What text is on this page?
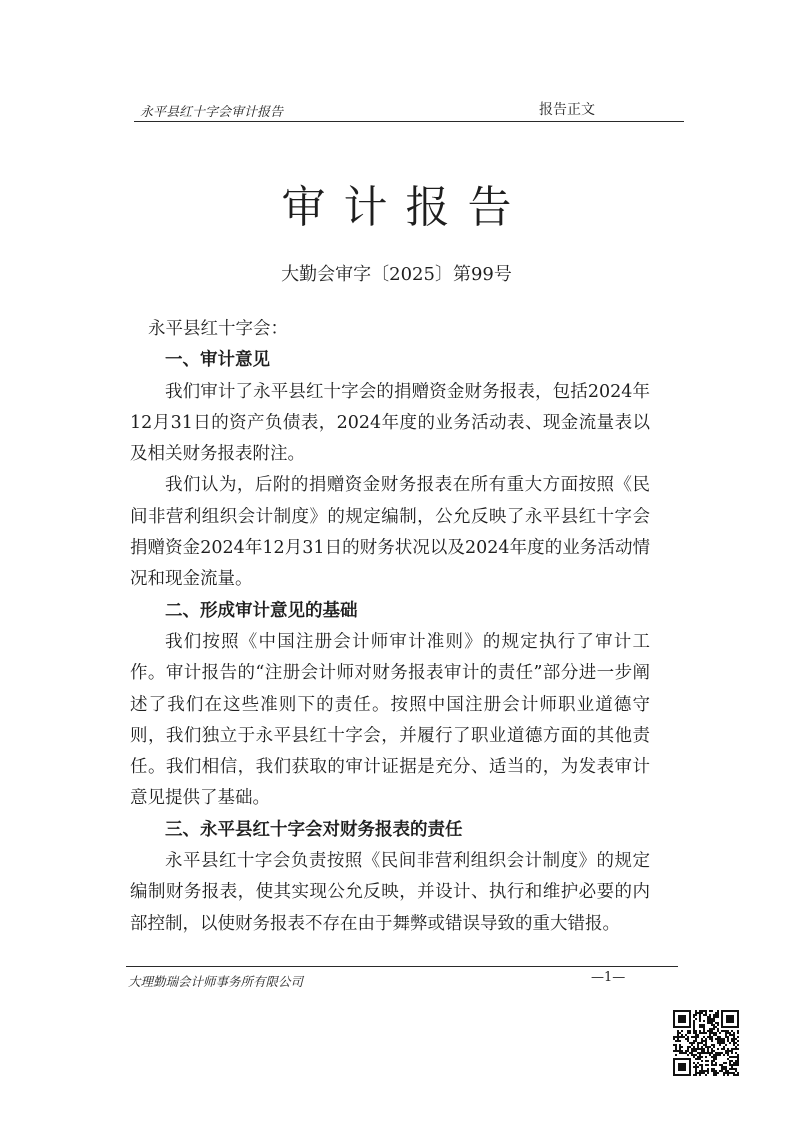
永平县红十字会审计报告	报告正文
审计报告
大勤会审字〔2025〕第99号

永平县红十字会：

一、审计意见

我们审计了永平县红十字会的捐赠资金财务报表，包括2024年12月31日的资产负债表，2024年度的业务活动表、现金流量表以及相关财务报表附注。

我们认为，后附的捐赠资金财务报表在所有重大方面按照《民间非营利组织会计制度》的规定编制，公允反映了永平县红十字会捐赠资金2024年12月31日的财务状况以及2024年度的业务活动情况和现金流量。

二、形成审计意见的基础

我们按照《中国注册会计师审计准则》的规定执行了审计工作。审计报告的“注册会计师对财务报表审计的责任”部分进一步阐述了我们在这些准则下的责任。按照中国注册会计师职业道德守则，我们独立于永平县红十字会，并履行了职业道德方面的其他责任。我们相信，我们获取的审计证据是充分、适当的，为发表审计意见提供了基础。

三、永平县红十字会对财务报表的责任

永平县红十字会负责按照《民间非营利组织会计制度》的规定编制财务报表，使其实现公允反映，并设计、执行和维护必要的内部控制，以使财务报表不存在由于舞弊或错误导致的重大错报。

大理勤瑞会计师事务所有限公司	—1—
